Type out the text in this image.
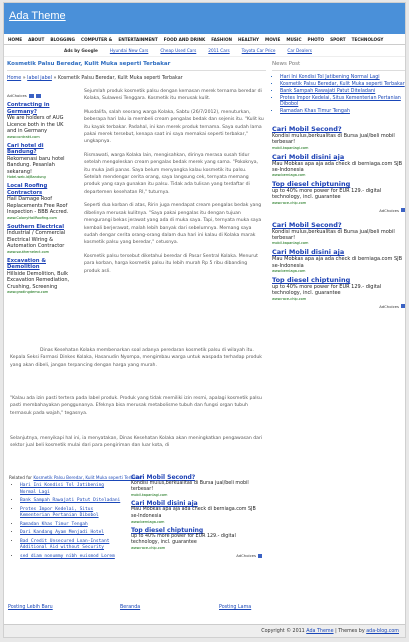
Ada Theme
HOME ABOUT BLOGGING COMPUTER & ENTERTAINMENT FOOD AND DRINK FASHION HEALTHY MOVIE MUSIC PHOTO SPORT TECHNOLOGY
Ads by Google	Hyundai New Cars	Cheap Used Cars	2011 Cars	Toyota Car Price	Car Dealers
Kosmetik Palsu Beredar, Kulit Muka seperti Terbakar
Home » label jabel » Kosmetik Palsu Beredar, Kulit Muka seperti Terbakar
AdChoices
Contracting in Germany?
We are holders of AUG Licence both in the UK and in Germany
www.contrakt.com
Cari hotel di Bandung?
Rekomenasi baru hotel Bandung. Pesanlah sekarang!
Hotel.web.id/Bandung
Local Roofing Contractors
Hail Damage Roof Replacements Free Roof Inspection - BBB Accred.
www.ColonyHailRoofing.com
Southern Electrical
Industrial / Commercial Electrical Wiring & Automation Contractor
www.southernelect.com
Excavation & Demolition
Hillside Demolition, Bulk Excavation Remediation, Crushing, Screening
www.gradingdemo.com

Sejumlah produk kosmetik palsu dengan kemasan merek ternama beredar di Kolaka, Sulawesi Tenggara. Kosmetik itu merusak kulit.

Musdalifa, salah seorang warga Kolaka, Sabtu (26/7/2012), menuturkan, beberapa hari lalu ia membeli cream pengalas bedak dan sejenis itu. "Kulit ku itu kayak terbakar. Padahal, ini kan merek produk ternama. Saya sudah lama pakai merek tersebut, kenapa saat ini saya memakai seperti terbakar," ungkapnya.

Rismawati, warga Kolaka lain, mengisahkan, dirinya merasa susah tidur setelah mengoleskan cream pengalas bedak merek yang sama. "Pokoknya, itu muka jadi panas. Saya belum menyangka kalau kosmetik itu palsu. Setelah mendengar cerita orang, saya langsung cek, ternyata memang produk yang saya gunakan itu palsu. Tidak ada tulisan yang terdaftar di departemen kesehatan RI," tuturnya.

Seperti dua korban di atas, Ririn juga mendapat cream pengalas bedak yang dibelinya merusak kulitnya. "Saya pakai pengalas itu dengan tujuan mengurangi bekas jerawat yang ada di muka saya. Tapi, ternyata muka saya kembali berjerawat, malah lebih banyak dari sebelumnya. Memang saya sudah dengar cerita orang-orang dalam dua hari ini kalau di Kolaka marak kosmetik palsu yang beredar," cetusnya.

Kosmetik palsu tersebut diketahui beredar di Pasar Sentral Kolaka. Menurut para korban, harga kosmetik palsu itu lebih murah Rp 5 ribu dibanding produk asli.

Dinas Kesehatan Kolaka membenarkan soal adanya peredaran kosmetik palsu di wilayah itu. Kepala Seksi Farmasi Dinkes Kolaka, Hasanudin Nyompa, mengimbau warga untuk waspada terhadap produk yang akan dibeli, jangan terpancing dengan harga yang murah.
"Kalau ada izin pasti tertera pada label produk. Produk yang tidak memiliki izin resmi, apalagi kosmetik palsu pasti membahayakan penggunanya. Efeknya bisa merusak metabolisme tubuh dan fungsi organ tubuh termasuk pada wajah," tegasnya.
Selanjutnya, menyikapi hal ini, ia menyatakan, Dinas Kesehatan Kolaka akan meningkatkan pengawasan dari sektor jual beli kosmetik mulai dari para pengiriman dan luar kota, di
Related for Kosmetik Palsu Beredar, Kulit Muka seperti Terbakar
• Hari Ini Kondisi Tol Jatibening Normal Lagi
• Bank Sampah Rawajati Patut Diteladani
• Protes Impor Kedelai, Situs Kementerian Pertanian Dibobol
• Ramadan Khas Timur Tengah
• Dari Kandang Ayam Menjadi Hotel
• Bad Credit Unsecured Loan-Instant Additional Aid without Security
• sed diam nonummy nibh euismod Lorem
Cari Mobil Second?
Kondisi mulus,berkualitas di Bursa jual/beli mobil terbesar!
mobil.kapanlagi.com
Cari Mobil disini aja
Mau Mobkas apa aja ada check di berniaga.com SJB se-Indonesia
www.berniaga.com
Top diesel chiptuning
up to 40% more power for EUR 129.- digital technology, incl. guarantee
www.race-chip.com
AdChoices
Posting Lebih Baru	Beranda	Posting Lama
News Post
▪ Hari Ini Kondisi Tol Jatibening Normal Lagi
▪ Kosmetik Palsu Beredar, Kulit Muka seperti Terbakar
▪ Bank Sampah Rawajati Patut Diteladani
▪ Protes Impor Kedelai, Situs Kementerian Pertanian Dibobol
▪ Ramadan Khas Timur Tengah
Cari Mobil Second?
Kondisi mulus,berkualitas di Bursa jual/beli mobil terbesar!
mobil.kapanlagi.com
Cari Mobil disini aja
Mau Mobkas apa aja ada check di berniaga.com SJB se-Indonesia
www.berniaga.com
Top diesel chiptuning
up to 40% more power for EUR 129.- digital technology, incl. guarantee
www.race-chip.com
AdChoices
Cari Mobil Second?
Kondisi mulus,berkualitas di Bursa jual/beli mobil terbesar!
mobil.kapanlagi.com
Cari Mobil disini aja
Mau Mobkas apa aja ada check di berniaga.com SJB se-Indonesia
www.berniaga.com
Top diesel chiptuning
up to 40% more power for EUR 129.- digital technology, incl. guarantee
www.race-chip.com
AdChoices
Copyright © 2011
Ada Theme
| Themes by
ada-blog.com
